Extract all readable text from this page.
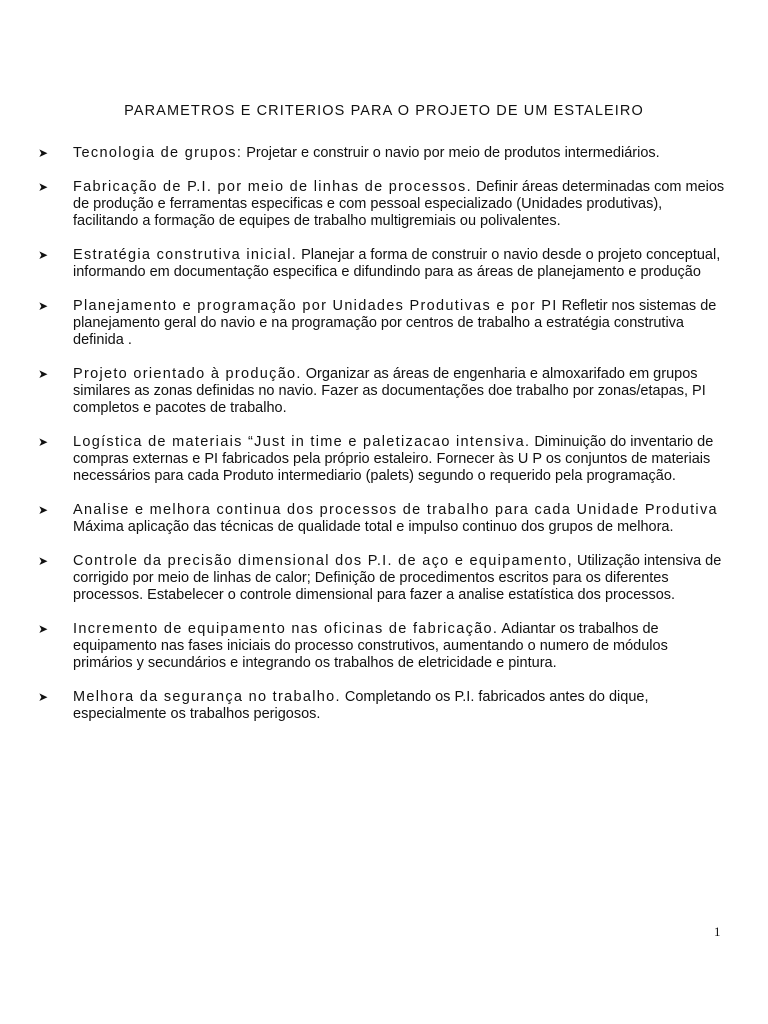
PARAMETROS E CRITERIOS PARA O PROJETO DE UM ESTALEIRO
➤ Tecnologia de grupos: Projetar e construir o navio por meio de produtos intermediários.
➤ Fabricação de P.I. por meio de linhas de processos. Definir áreas determinadas com meios de produção e ferramentas especificas e com pessoal especializado (Unidades produtivas), facilitando a formação de equipes de trabalho multigremiais ou polivalentes.
➤ Estratégia construtiva inicial. Planejar a forma de construir o navio desde o projeto conceptual, informando em documentação especifica e difundindo para as áreas de planejamento e produção
➤ Planejamento e programação por Unidades Produtivas e por PI Refletir nos sistemas de planejamento geral do navio e na programação por centros de trabalho a estratégia construtiva definida .
➤ Projeto orientado à produção. Organizar as áreas de engenharia e almoxarifado em grupos similares as zonas definidas no navio. Fazer as documentações doe trabalho por zonas/etapas, PI completos e pacotes de trabalho.
➤ Logística de materiais “Just in time e paletizacao intensiva. Diminuição do inventario de compras externas e PI fabricados pela próprio estaleiro. Fornecer às U P os conjuntos de materiais necessários para cada Produto intermediario (palets) segundo o requerido pela programação.
➤ Analise e melhora continua dos processos de trabalho para cada Unidade Produtiva Máxima aplicação das técnicas de qualidade total e impulso continuo dos grupos de melhora.
➤ Controle da precisão dimensional dos P.I. de aço e equipamento, Utilização intensiva de corrigido por meio de linhas de calor; Definição de procedimentos escritos para os diferentes processos. Estabelecer o controle dimensional para fazer a analise estatística dos processos.
➤ Incremento de equipamento nas oficinas de fabricação. Adiantar os trabalhos de equipamento nas fases iniciais do processo construtivos, aumentando o numero de módulos primários y secundários e integrando os trabalhos de eletricidade e pintura.
➤ Melhora da segurança no trabalho. Completando os P.I. fabricados antes do dique, especialmente os trabalhos perigosos.
1
